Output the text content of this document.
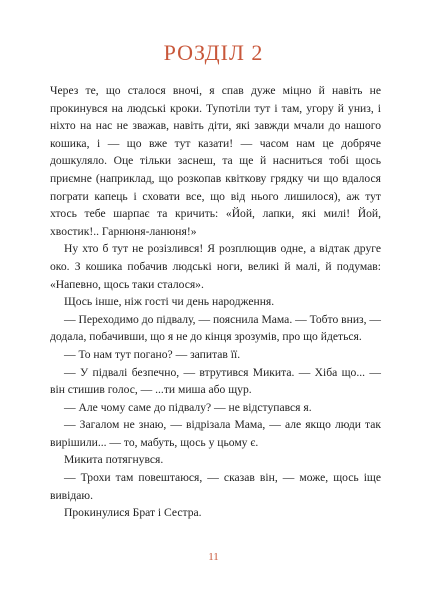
РОЗДІЛ 2

Через те, що сталося вночі, я спав дуже міцно й навіть не прокинувся на людські кроки. Тупотіли тут і там, угору й униз, і ніхто на нас не зважав, навіть діти, які завжди мчали до нашого кошика, і — що вже тут казати! — часом нам це добряче дошкуляло. Оце тільки заснеш, та ще й насниться тобі щось приємне (наприклад, що розкопав квіткову грядку чи що вдалося пограти капець і сховати все, що від нього лишилося), аж тут хтось тебе шарпає та кричить: «Йой, лапки, які милі! Йой, хвостик!.. Гарнюня-ланюня!»

Ну хто б тут не розізлився! Я розплющив одне, а відтак друге око. З кошика побачив людські ноги, великі й малі, й подумав: «Напевно, щось таки сталося».

Щось інше, ніж гості чи день народження.

— Переходимо до підвалу, — пояснила Мама. — Тобто вниз, — додала, побачивши, що я не до кінця зрозумів, про що йдеться.

— То нам тут погано? — запитав її.

— У підвалі безпечно, — втрутився Микита. — Хіба що... — він стишив голос, — ...ти миша або щур.

— Але чому саме до підвалу? — не відступався я.

— Загалом не знаю, — відрізала Мама, — але якщо люди так вирішили... — то, мабуть, щось у цьому є.

Микита потягнувся.

— Трохи там повештаюся, — сказав він, — може, щось іще вивідаю.

Прокинулися Брат і Сестра.

11
